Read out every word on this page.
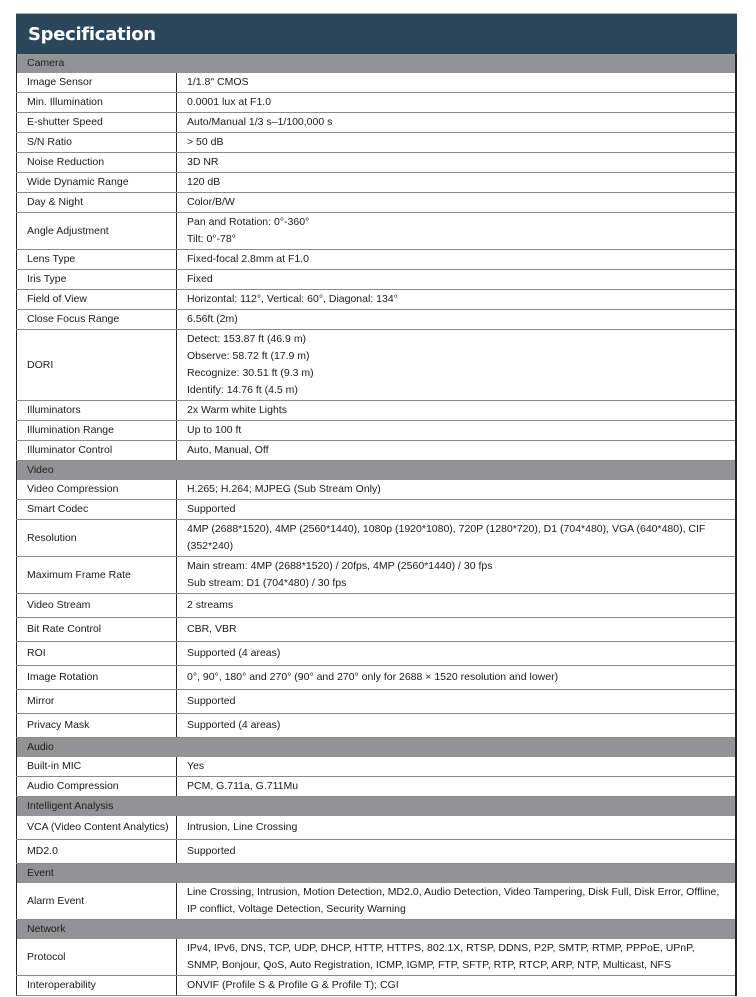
Specification
Camera	
Image Sensor	1/1.8" CMOS

Min. Illumination	0.0001 lux at F1.0

E-shutter Speed	Auto/Manual 1/3 s–1/100,000 s

S/N Ratio	> 50 dB

Noise Reduction	3D NR

Wide Dynamic Range	120 dB

Day & Night	Color/B/W

Angle Adjustment	Pan and Rotation: 0°-360°
Tilt: 0°-78°

Lens Type	Fixed-focal 2.8mm at F1.0

Iris Type	Fixed

Field of View	Horizontal: 112°, Vertical: 60°, Diagonal: 134°

Close Focus Range	6.56ft (2m)

DORI	Detect: 153.87 ft (46.9 m)
Observe: 58.72 ft (17.9 m)
Recognize: 30.51 ft (9.3 m)
Identify: 14.76 ft (4.5 m)

Illuminators	2x Warm white Lights

Illumination Range	Up to 100 ft

Illuminator Control	Auto, Manual, Off

Video	
Video Compression	H.265; H.264; MJPEG (Sub Stream Only)

Smart Codec	Supported

Resolution	4MP (2688*1520), 4MP (2560*1440), 1080p (1920*1080), 720P (1280*720), D1 (704*480), VGA (640*480), CIF (352*240)

Maximum Frame Rate	Main stream: 4MP (2688*1520) / 20fps, 4MP (2560*1440) / 30 fps
Sub stream: D1 (704*480) / 30 fps

Video Stream	2 streams

Bit Rate Control	CBR, VBR

ROI	Supported (4 areas)

Image Rotation	0°, 90°, 180° and 270° (90° and 270° only for 2688 × 1520 resolution and lower)

Mirror	Supported

Privacy Mask	Supported (4 areas)

Audio	
Built-in MIC	Yes

Audio Compression	PCM, G.711a, G.711Mu

Intelligent Analysis	
VCA (Video Content Analytics)	Intrusion, Line Crossing

MD2.0	Supported

Event	
Alarm Event	Line Crossing, Intrusion, Motion Detection, MD2.0, Audio Detection, Video Tampering, Disk Full, Disk Error, Offline, IP conflict, Voltage Detection, Security Warning

Network	
Protocol	IPv4, IPv6, DNS, TCP, UDP, DHCP, HTTP, HTTPS, 802.1X, RTSP, DDNS, P2P, SMTP, RTMP, PPPoE, UPnP, SNMP, Bonjour, QoS, Auto Registration, ICMP, IGMP, FTP, SFTP, RTP, RTCP, ARP, NTP, Multicast, NFS

Interoperability	ONVIF (Profile S & Profile G & Profile T); CGI
